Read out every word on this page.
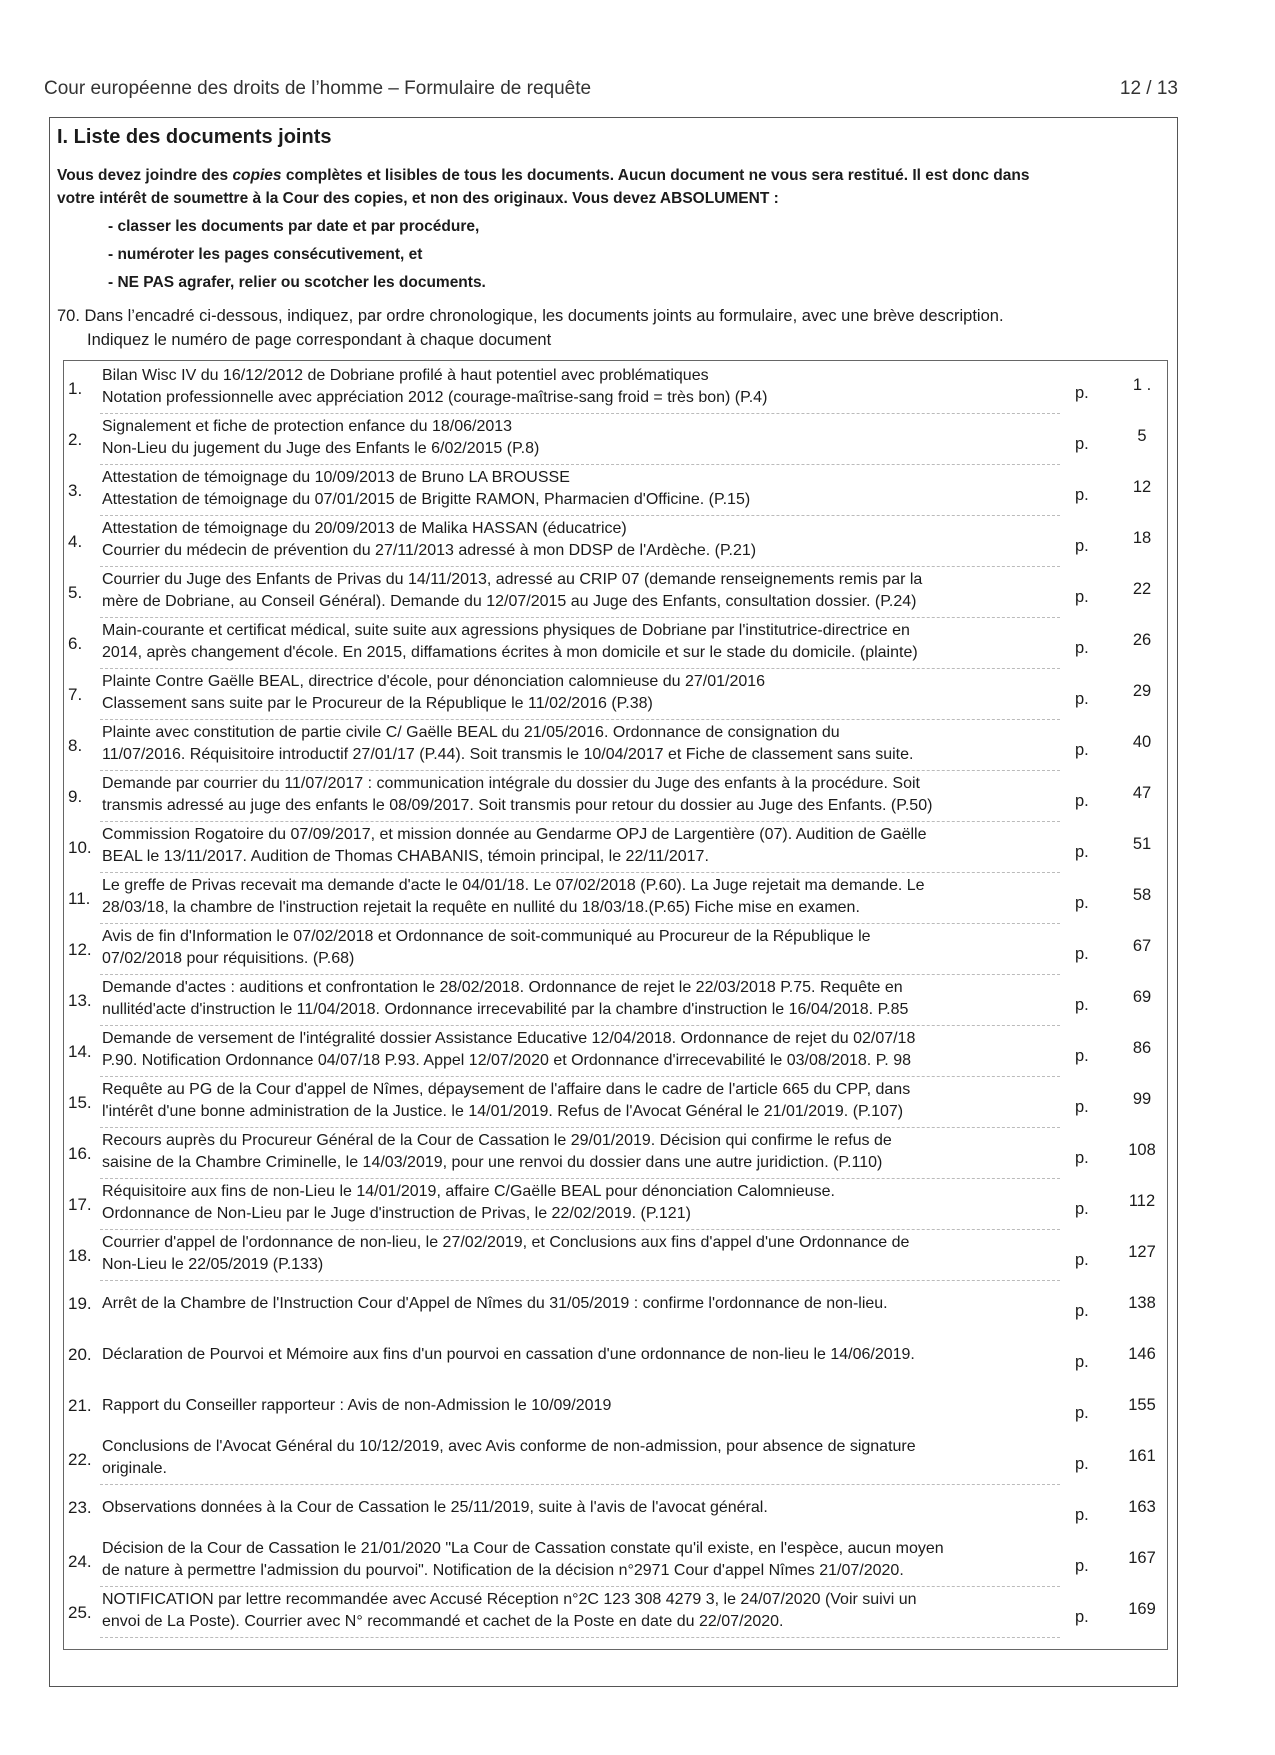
Cour européenne des droits de l’homme – Formulaire de requête	12 / 13
I. Liste des documents joints

Vous devez joindre des copies complètes et lisibles de tous les documents. Aucun document ne vous sera restitué. Il est donc dans

votre intérêt de soumettre à la Cour des copies, et non des originaux. Vous devez ABSOLUMENT :

- classer les documents par date et par procédure,
- numéroter les pages consécutivement, et
- NE PAS agrafer, relier ou scotcher les documents.

70. Dans l’encadré ci-dessous, indiquez, par ordre chronologique, les documents joints au formulaire, avec une brève description.

Indiquez le numéro de page correspondant à chaque document

1.
Bilan Wisc IV du 16/12/2012 de Dobriane profilé à haut potentiel avec problématiques
Notation professionnelle avec appréciation 2012 (courage-maîtrise-sang froid = très bon) (P.4)	p.	1 .
2.
Signalement et fiche de protection enfance du 18/06/2013
Non-Lieu du jugement du Juge des Enfants le 6/02/2015 (P.8)	p.	5
3.
Attestation de témoignage du 10/09/2013 de Bruno LA BROUSSE
Attestation de témoignage du 07/01/2015 de Brigitte RAMON, Pharmacien d'Officine. (P.15)	p.	12
4.
Attestation de témoignage du 20/09/2013 de Malika HASSAN (éducatrice)
Courrier du médecin de prévention du 27/11/2013 adressé à mon DDSP de l'Ardèche. (P.21)	p.	18
5.
Courrier du Juge des Enfants de Privas du 14/11/2013, adressé au CRIP 07 (demande renseignements remis par la
mère de Dobriane, au Conseil Général). Demande du 12/07/2015 au Juge des Enfants, consultation dossier. (P.24)	p.	22
6.
Main-courante et certificat médical, suite suite aux agressions physiques de Dobriane par l'institutrice-directrice en
2014, après changement d'école. En 2015, diffamations écrites à mon domicile et sur le stade du domicile. (plainte)	p.	26
7.
Plainte Contre Gaëlle BEAL, directrice d'école, pour dénonciation calomnieuse du 27/01/2016
Classement sans suite par le Procureur de la République le 11/02/2016 (P.38)	p.	29
8.
Plainte avec constitution de partie civile C/ Gaëlle BEAL du 21/05/2016. Ordonnance de consignation du
11/07/2016. Réquisitoire introductif 27/01/17 (P.44). Soit transmis le 10/04/2017 et Fiche de classement sans suite.	p.	40
9.
Demande par courrier du 11/07/2017 : communication intégrale du dossier du Juge des enfants à la procédure. Soit
transmis adressé au juge des enfants le 08/09/2017. Soit transmis pour retour du dossier au Juge des Enfants. (P.50)	p.	47
10.
Commission Rogatoire du 07/09/2017, et mission donnée au Gendarme OPJ de Largentière (07). Audition de Gaëlle
BEAL le 13/11/2017. Audition de Thomas CHABANIS, témoin principal, le 22/11/2017.	p.	51
11.
Le greffe de Privas recevait ma demande d'acte le 04/01/18. Le 07/02/2018 (P.60). La Juge rejetait ma demande. Le
28/03/18, la chambre de l'instruction rejetait la requête en nullité du 18/03/18.(P.65) Fiche mise en examen.	p.	58
12.
Avis de fin d'Information le 07/02/2018 et Ordonnance de soit-communiqué au Procureur de la République le
07/02/2018 pour réquisitions. (P.68)	p.	67
13.
Demande d'actes : auditions et confrontation le 28/02/2018. Ordonnance de rejet le 22/03/2018 P.75. Requête en
nullitéd'acte d'instruction le 11/04/2018. Ordonnance irrecevabilité par la chambre d'instruction le 16/04/2018. P.85	p.	69
14.
Demande de versement de l'intégralité dossier Assistance Educative 12/04/2018. Ordonnance de rejet du 02/07/18
P.90. Notification Ordonnance 04/07/18 P.93. Appel 12/07/2020 et Ordonnance d'irrecevabilité le 03/08/2018. P. 98	p.	86
15.
Requête au PG de la Cour d'appel de Nîmes, dépaysement de l'affaire dans le cadre de l'article 665 du CPP, dans
l'intérêt d'une bonne administration de la Justice. le 14/01/2019. Refus de l'Avocat Général le 21/01/2019. (P.107)	p.	99
16.
Recours auprès du Procureur Général de la Cour de Cassation le 29/01/2019. Décision qui confirme le refus de
saisine de la Chambre Criminelle, le 14/03/2019, pour une renvoi du dossier dans une autre juridiction. (P.110)	p.	108
17.
Réquisitoire aux fins de non-Lieu le 14/01/2019, affaire C/Gaëlle BEAL pour dénonciation Calomnieuse.
Ordonnance de Non-Lieu par le Juge d'instruction de Privas, le 22/02/2019. (P.121)	p.	112
18.
Courrier d'appel de l'ordonnance de non-lieu, le 27/02/2019, et Conclusions aux fins d'appel d'une Ordonnance de
Non-Lieu le 22/05/2019 (P.133)	p.	127
19. Arrêt de la Chambre de l'Instruction Cour d'Appel de Nîmes du 31/05/2019 : confirme l'ordonnance de non-lieu.	p.	138
20. Déclaration de Pourvoi et Mémoire aux fins d'un pourvoi en cassation d'une ordonnance de non-lieu le 14/06/2019.	p.	146
21. Rapport du Conseiller rapporteur : Avis de non-Admission le 10/09/2019	p.	155
22.
Conclusions de l'Avocat Général du 10/12/2019, avec Avis conforme de non-admission, pour absence de signature
originale.	p.	161
23. Observations données à la Cour de Cassation le 25/11/2019, suite à l'avis de l'avocat général.	p.	163
24.
Décision de la Cour de Cassation le 21/01/2020 "La Cour de Cassation constate qu'il existe, en l'espèce, aucun moyen
de nature à permettre l'admission du pourvoi". Notification de la décision n°2971 Cour d'appel Nîmes 21/07/2020.	p.	167
25.
NOTIFICATION par lettre recommandée avec Accusé Réception n°2C 123 308 4279 3, le 24/07/2020 (Voir suivi un
envoi de La Poste). Courrier avec N° recommandé et cachet de la Poste en date du 22/07/2020.	p.	169
